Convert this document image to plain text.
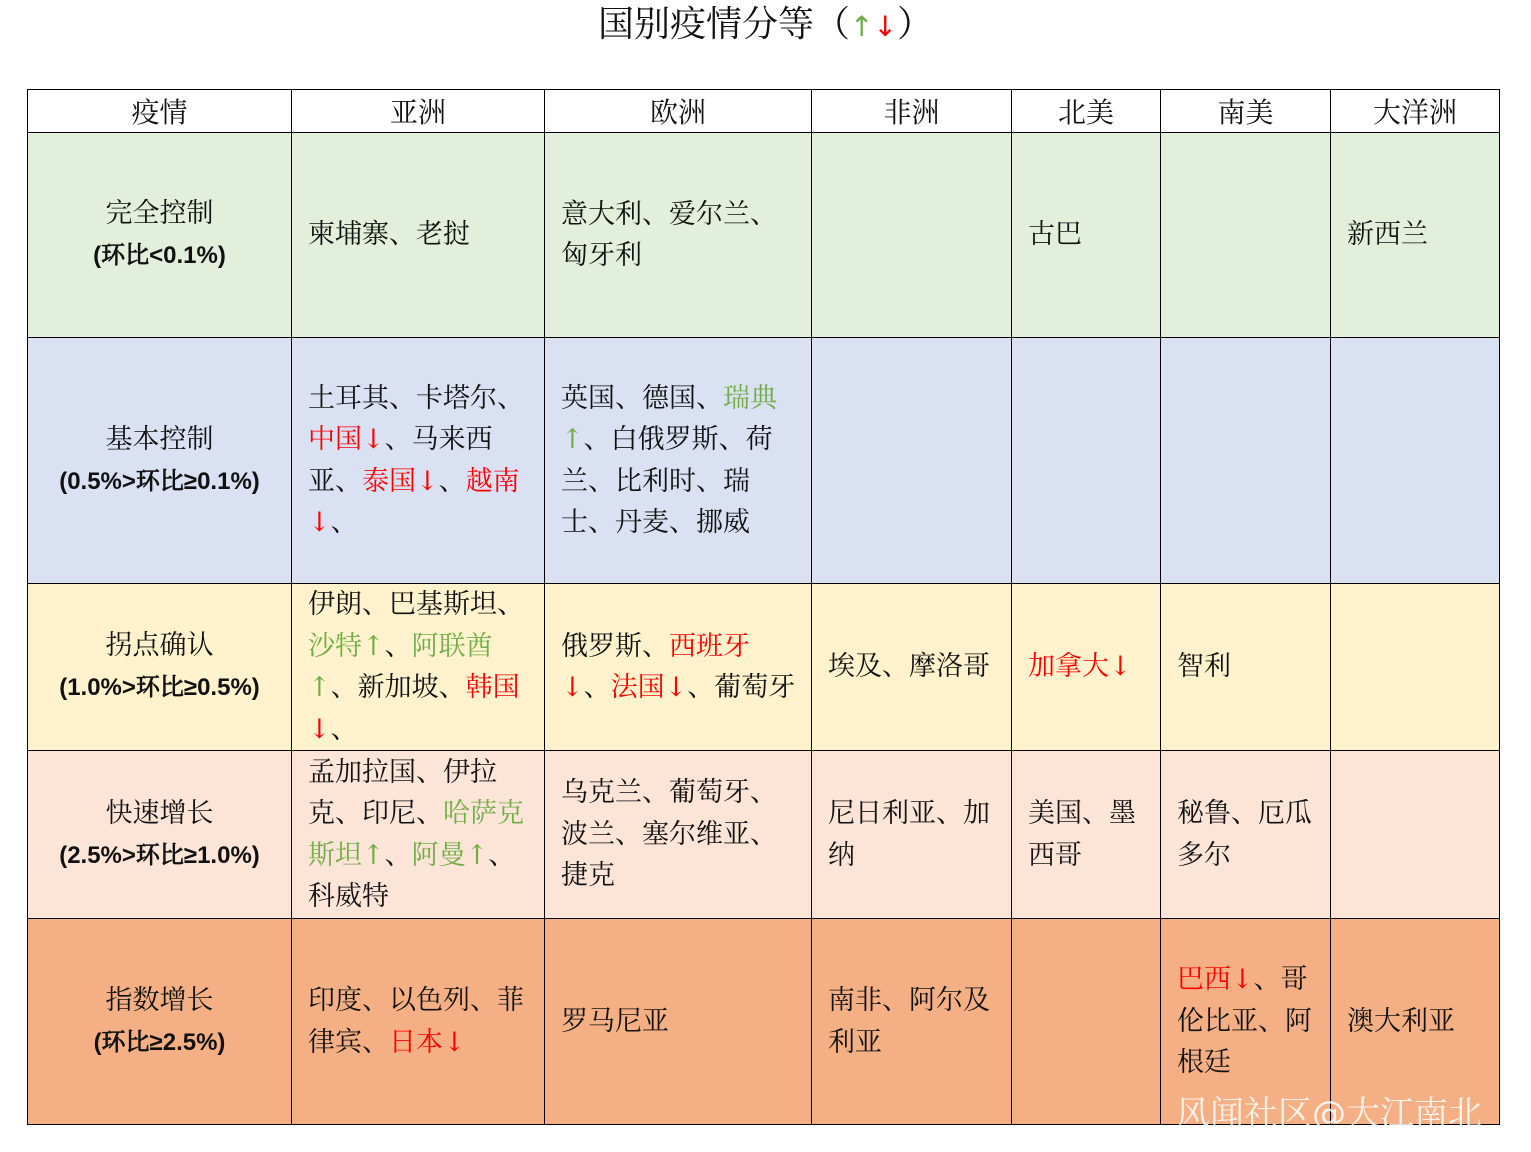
国别疫情分等（↑↓）
疫情	亚洲	欧洲	非洲	北美	南美	大洋洲

完全控制
(环比<0.1%)	柬埔寨、老挝	意大利、爱尔兰、匈牙利		古巴		新西兰

基本控制
(0.5%>环比≥0.1%)	土耳其、卡塔尔、中国↓、马来西亚、泰国↓、越南↓、	英国、德国、瑞典↑、白俄罗斯、荷兰、比利时、瑞士、丹麦、挪威				

拐点确认
(1.0%>环比≥0.5%)	伊朗、巴基斯坦、沙特↑、阿联酋↑、新加坡、韩国↓、	俄罗斯、西班牙↓、法国↓、葡萄牙	埃及、摩洛哥	加拿大↓	智利	

快速增长
(2.5%>环比≥1.0%)	孟加拉国、伊拉克、印尼、哈萨克斯坦↑、阿曼↑、科威特	乌克兰、葡萄牙、波兰、塞尔维亚、捷克	尼日利亚、加纳	美国、墨西哥	秘鲁、厄瓜多尔	

指数增长
(环比≥2.5%)	印度、以色列、菲律宾、日本↓	罗马尼亚	南非、阿尔及利亚		巴西↓、哥伦比亚、阿根廷	澳大利亚
风闻社区@大江南北
